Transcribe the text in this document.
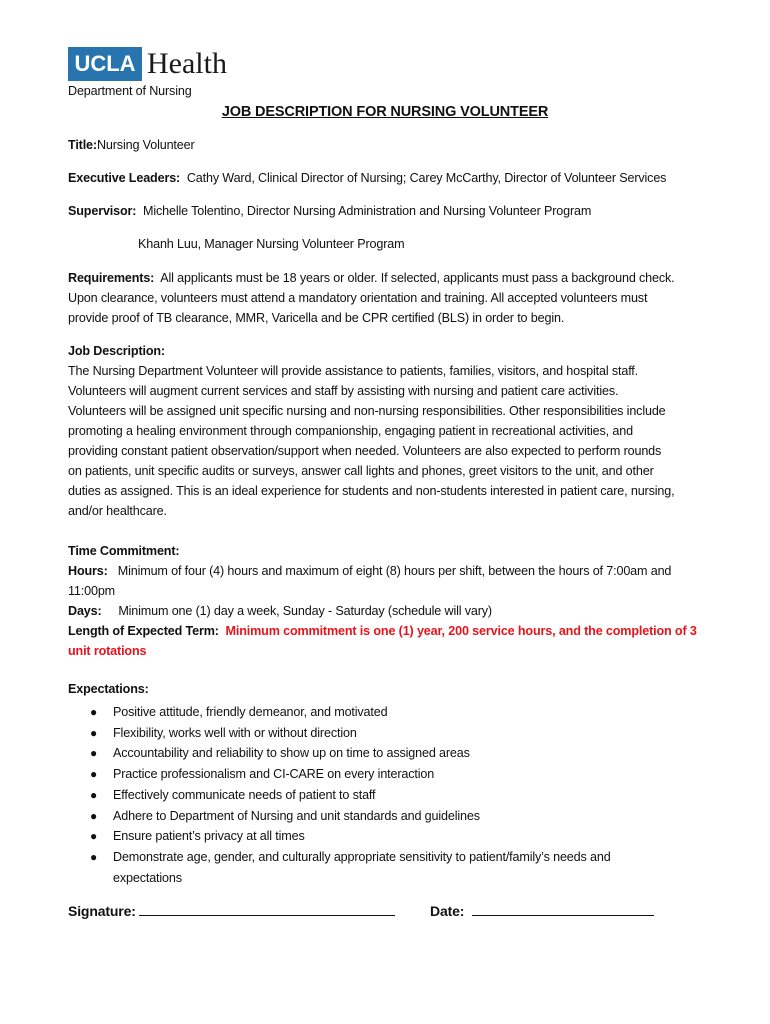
UCLA Health
Department of Nursing
JOB DESCRIPTION FOR NURSING VOLUNTEER
Title:Nursing Volunteer
Executive Leaders: Cathy Ward, Clinical Director of Nursing; Carey McCarthy, Director of Volunteer Services
Supervisor: Michelle Tolentino, Director Nursing Administration and Nursing Volunteer Program
Khanh Luu, Manager Nursing Volunteer Program
Requirements: All applicants must be 18 years or older. If selected, applicants must pass a background check.
Upon clearance, volunteers must attend a mandatory orientation and training. All accepted volunteers must
provide proof of TB clearance, MMR, Varicella and be CPR certified (BLS) in order to begin.
Job Description:
The Nursing Department Volunteer will provide assistance to patients, families, visitors, and hospital staff.
Volunteers will augment current services and staff by assisting with nursing and patient care activities.
Volunteers will be assigned unit specific nursing and non-nursing responsibilities. Other responsibilities include
promoting a healing environment through companionship, engaging patient in recreational activities, and
providing constant patient observation/support when needed. Volunteers are also expected to perform rounds
on patients, unit specific audits or surveys, answer call lights and phones, greet visitors to the unit, and other
duties as assigned. This is an ideal experience for students and non-students interested in patient care, nursing,
and/or healthcare.
Time Commitment:
Hours: Minimum of four (4) hours and maximum of eight (8) hours per shift, between the hours of 7:00am and
11:00pm
Days: Minimum one (1) day a week, Sunday - Saturday (schedule will vary)
Length of Expected Term: Minimum commitment is one (1) year, 200 service hours, and the completion of 3
unit rotations
Expectations:
● Positive attitude, friendly demeanor, and motivated
● Flexibility, works well with or without direction
● Accountability and reliability to show up on time to assigned areas
● Practice professionalism and CI-CARE on every interaction
● Effectively communicate needs of patient to staff
● Adhere to Department of Nursing and unit standards and guidelines
● Ensure patient’s privacy at all times
● Demonstrate age, gender, and culturally appropriate sensitivity to patient/family’s needs and
expectations
Signature:	Date:
